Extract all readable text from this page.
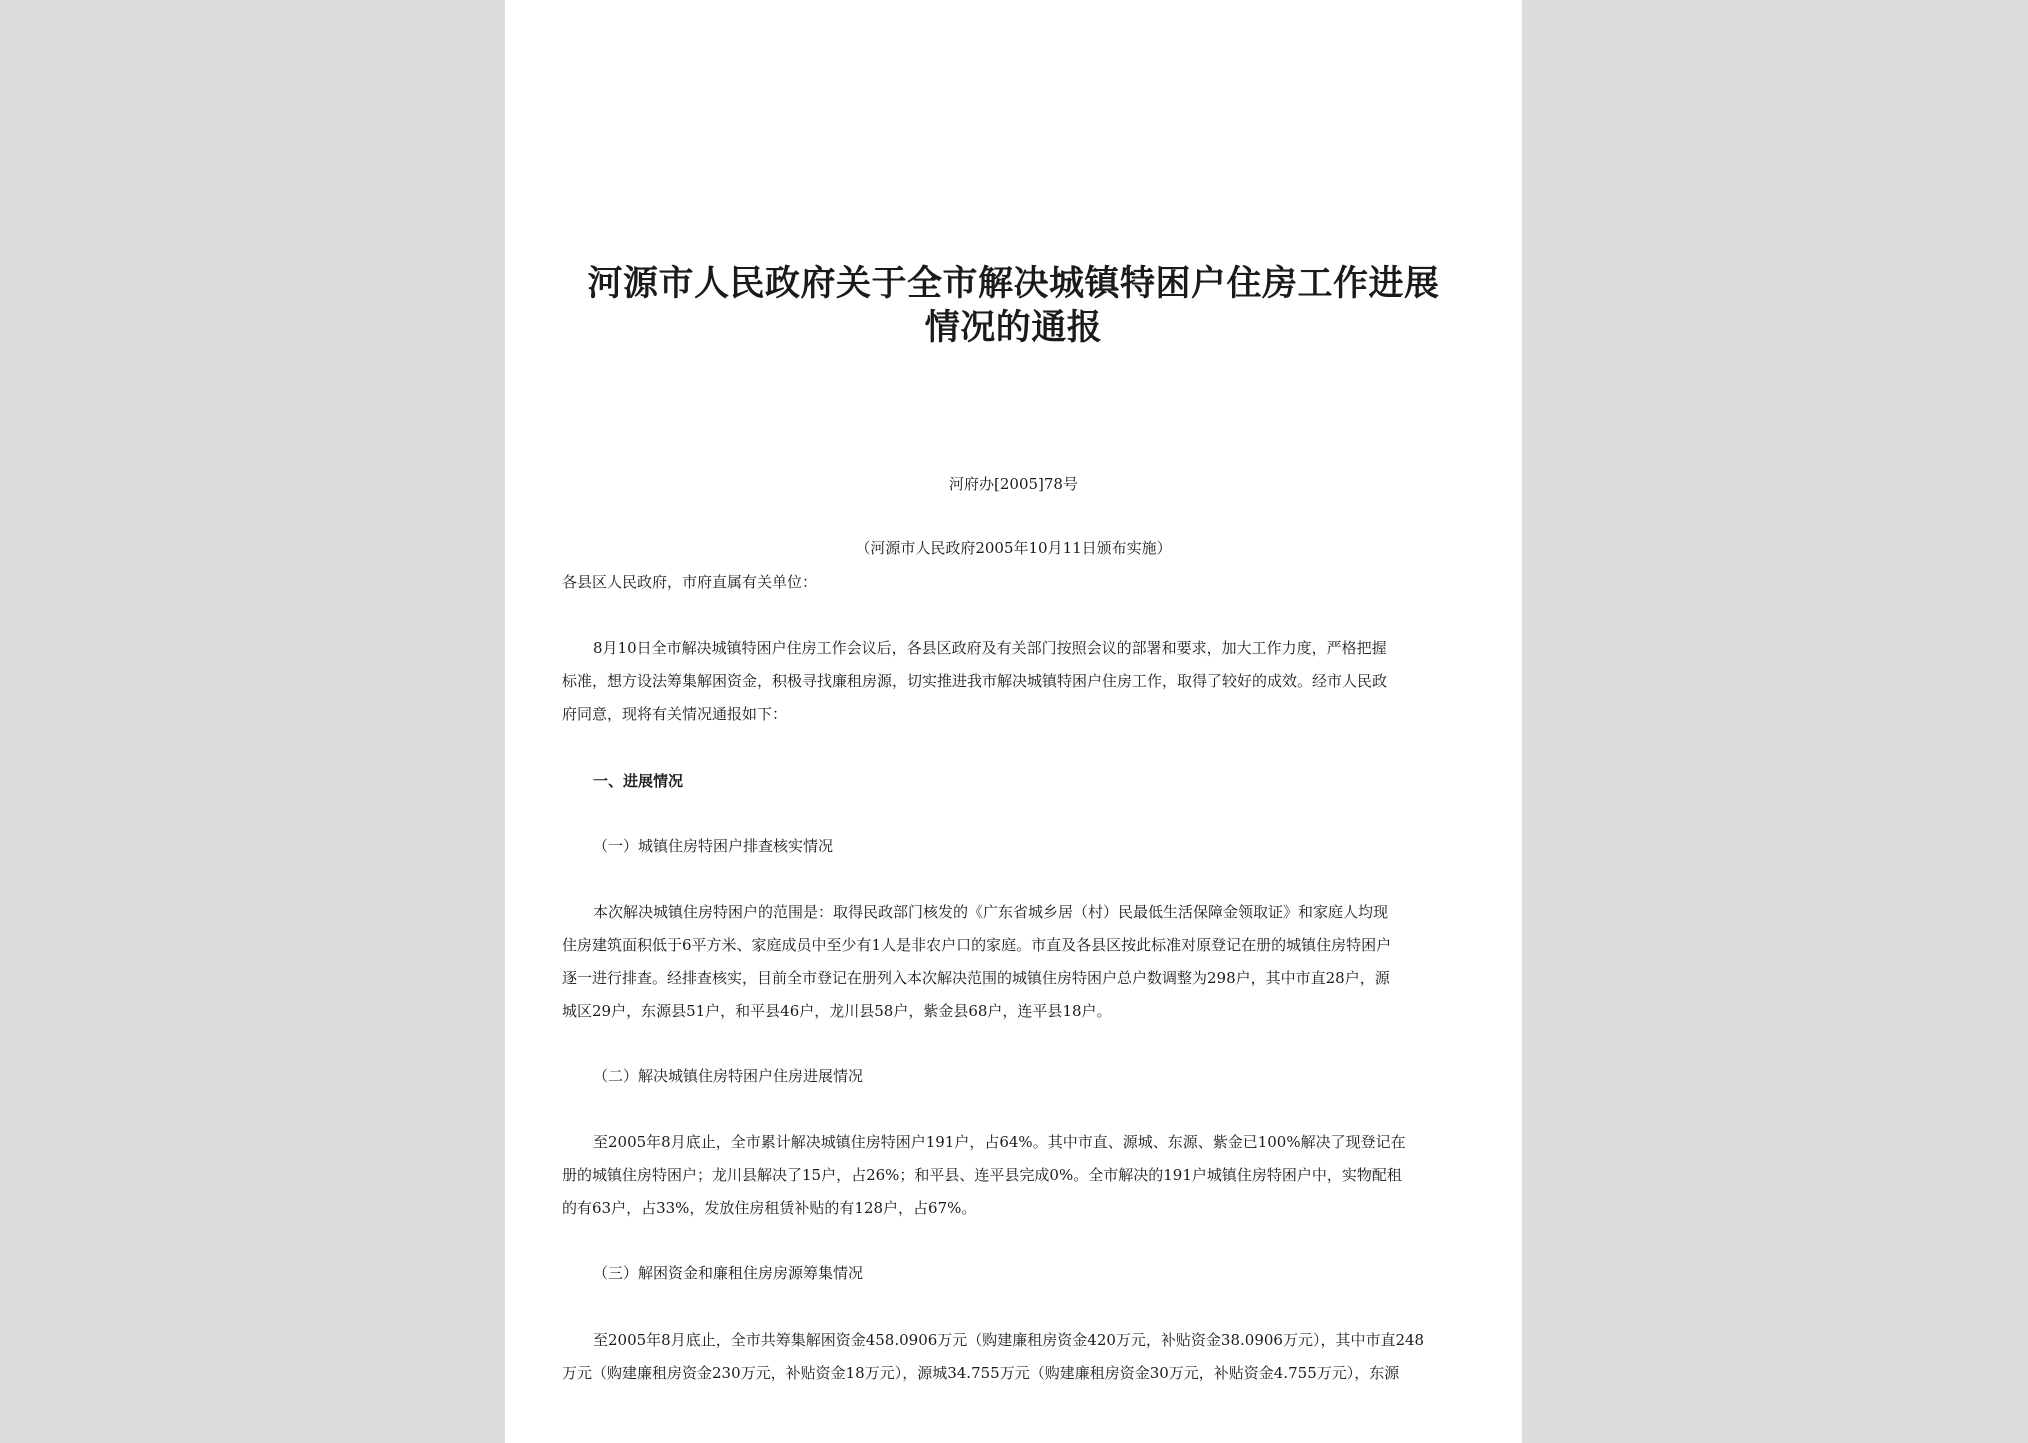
河源市人民政府关于全市解决城镇特困户住房工作进展
情况的通报
河府办[2005]78号
（河源市人民政府2005年10月11日颁布实施）
各县区人民政府，市府直属有关单位：
8月10日全市解决城镇特困户住房工作会议后，各县区政府及有关部门按照会议的部署和要求，加大工作力度，严格把握
标准，想方设法筹集解困资金，积极寻找廉租房源，切实推进我市解决城镇特困户住房工作，取得了较好的成效。经市人民政
府同意，现将有关情况通报如下：
一、进展情况
（一）城镇住房特困户排查核实情况
本次解决城镇住房特困户的范围是：取得民政部门核发的《广东省城乡居（村）民最低生活保障金领取证》和家庭人均现
住房建筑面积低于6平方米、家庭成员中至少有1人是非农户口的家庭。市直及各县区按此标准对原登记在册的城镇住房特困户
逐一进行排查。经排查核实，目前全市登记在册列入本次解决范围的城镇住房特困户总户数调整为298户，其中市直28户，源
城区29户，东源县51户，和平县46户，龙川县58户，紫金县68户，连平县18户。
（二）解决城镇住房特困户住房进展情况
至2005年8月底止，全市累计解决城镇住房特困户191户，占64%。其中市直、源城、东源、紫金已100%解决了现登记在
册的城镇住房特困户；龙川县解决了15户，占26%；和平县、连平县完成0%。全市解决的191户城镇住房特困户中，实物配租
的有63户，占33%，发放住房租赁补贴的有128户，占67%。
（三）解困资金和廉租住房房源筹集情况
至2005年8月底止，全市共筹集解困资金458.0906万元（购建廉租房资金420万元，补贴资金38.0906万元），其中市直248
万元（购建廉租房资金230万元，补贴资金18万元），源城34.755万元（购建廉租房资金30万元，补贴资金4.755万元），东源
